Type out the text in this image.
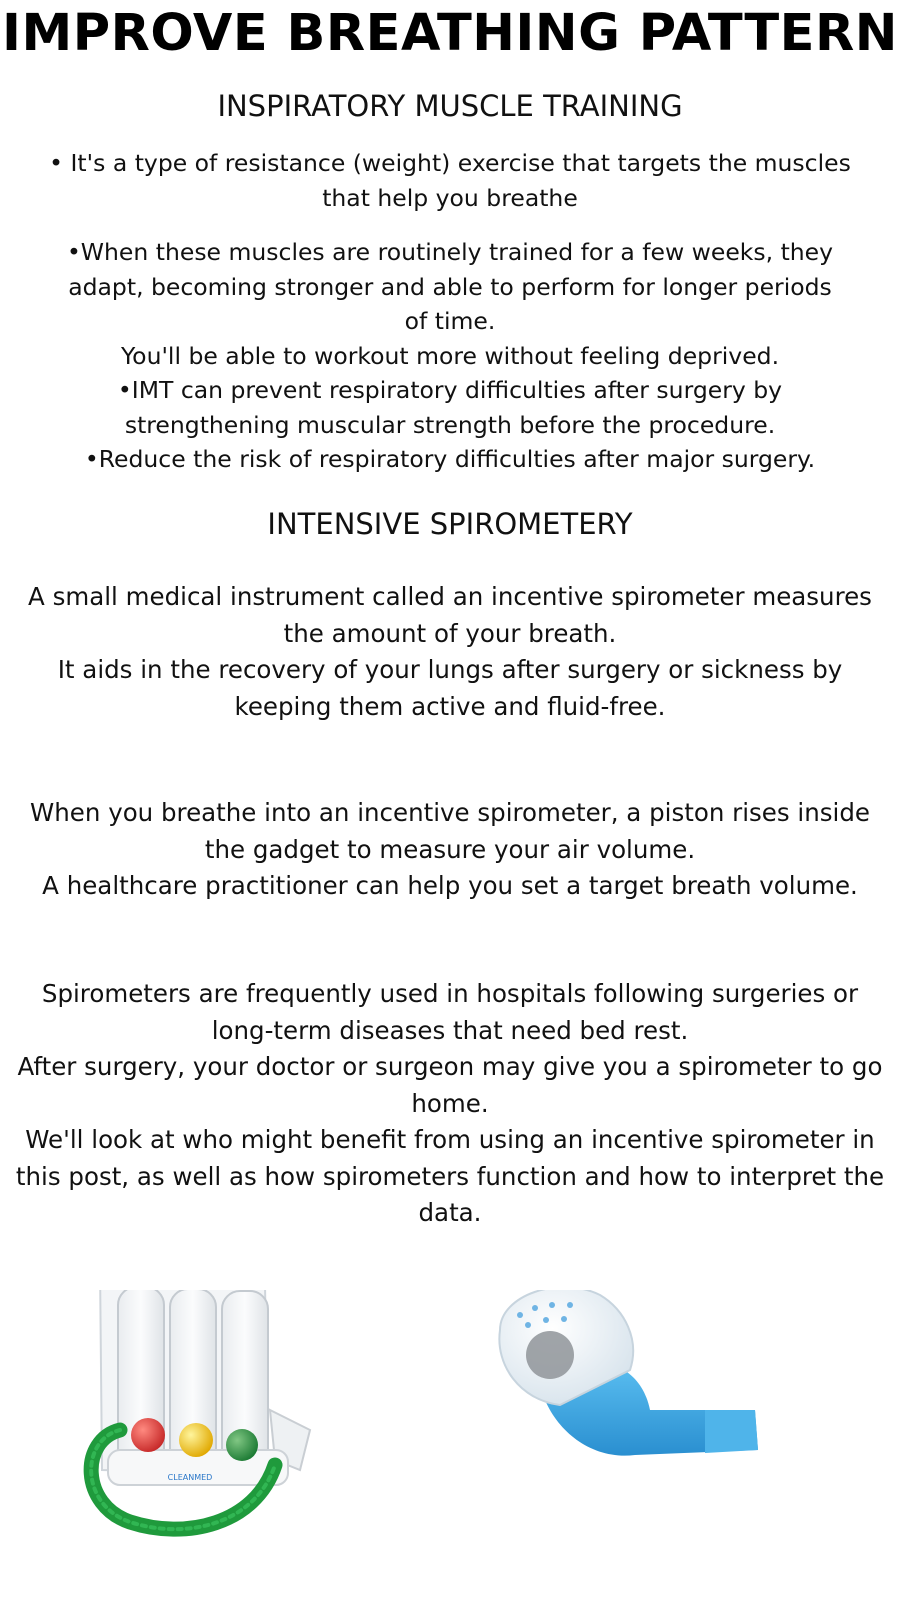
IMPROVE BREATHING PATTERN
INSPIRATORY MUSCLE TRAINING

• It's a type of resistance (weight) exercise that targets the muscles

that help you breathe

•When these muscles are routinely trained for a few weeks, they

adapt, becoming stronger and able to perform for longer periods

of time.

You'll be able to workout more without feeling deprived.

•IMT can prevent respiratory difficulties after surgery by

strengthening muscular strength before the procedure.

•Reduce the risk of respiratory difficulties after major surgery.

INTENSIVE SPIROMETERY

A small medical instrument called an incentive spirometer measures

the amount of your breath.

It aids in the recovery of your lungs after surgery or sickness by

keeping them active and fluid-free.

When you breathe into an incentive spirometer, a piston rises inside

the gadget to measure your air volume.

A healthcare practitioner can help you set a target breath volume.

Spirometers are frequently used in hospitals following surgeries or

long-term diseases that need bed rest.

After surgery, your doctor or surgeon may give you a spirometer to go

home.

We'll look at who might benefit from using an incentive spirometer in

this post, as well as how spirometers function and how to interpret the

data.

CLEANMED
